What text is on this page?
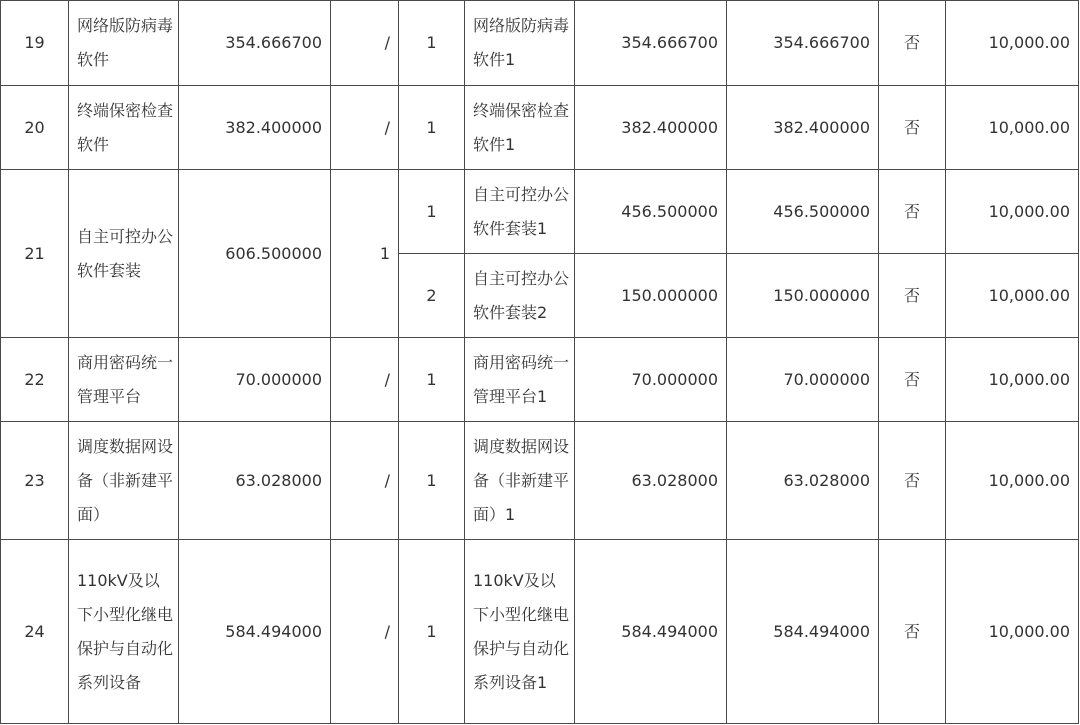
19	网络版防病毒软件	354.666700	/	1	网络版防病毒软件1	354.666700	354.666700	否	10,000.00
20	终端保密检查软件	382.400000	/	1	终端保密检查软件1	382.400000	382.400000	否	10,000.00
21	自主可控办公软件套装	606.500000	1	1	自主可控办公软件套装1	456.500000	456.500000	否	10,000.00
				2	自主可控办公软件套装2	150.000000	150.000000	否	10,000.00
22	商用密码统一管理平台	70.000000	/	1	商用密码统一管理平台1	70.000000	70.000000	否	10,000.00
23	调度数据网设备（非新建平面）	63.028000	/	1	调度数据网设备（非新建平面）1	63.028000	63.028000	否	10,000.00
24	110kV及以下小型化继电保护与自动化系列设备	584.494000	/	1	110kV及以下小型化继电保护与自动化系列设备1	584.494000	584.494000	否	10,000.00
